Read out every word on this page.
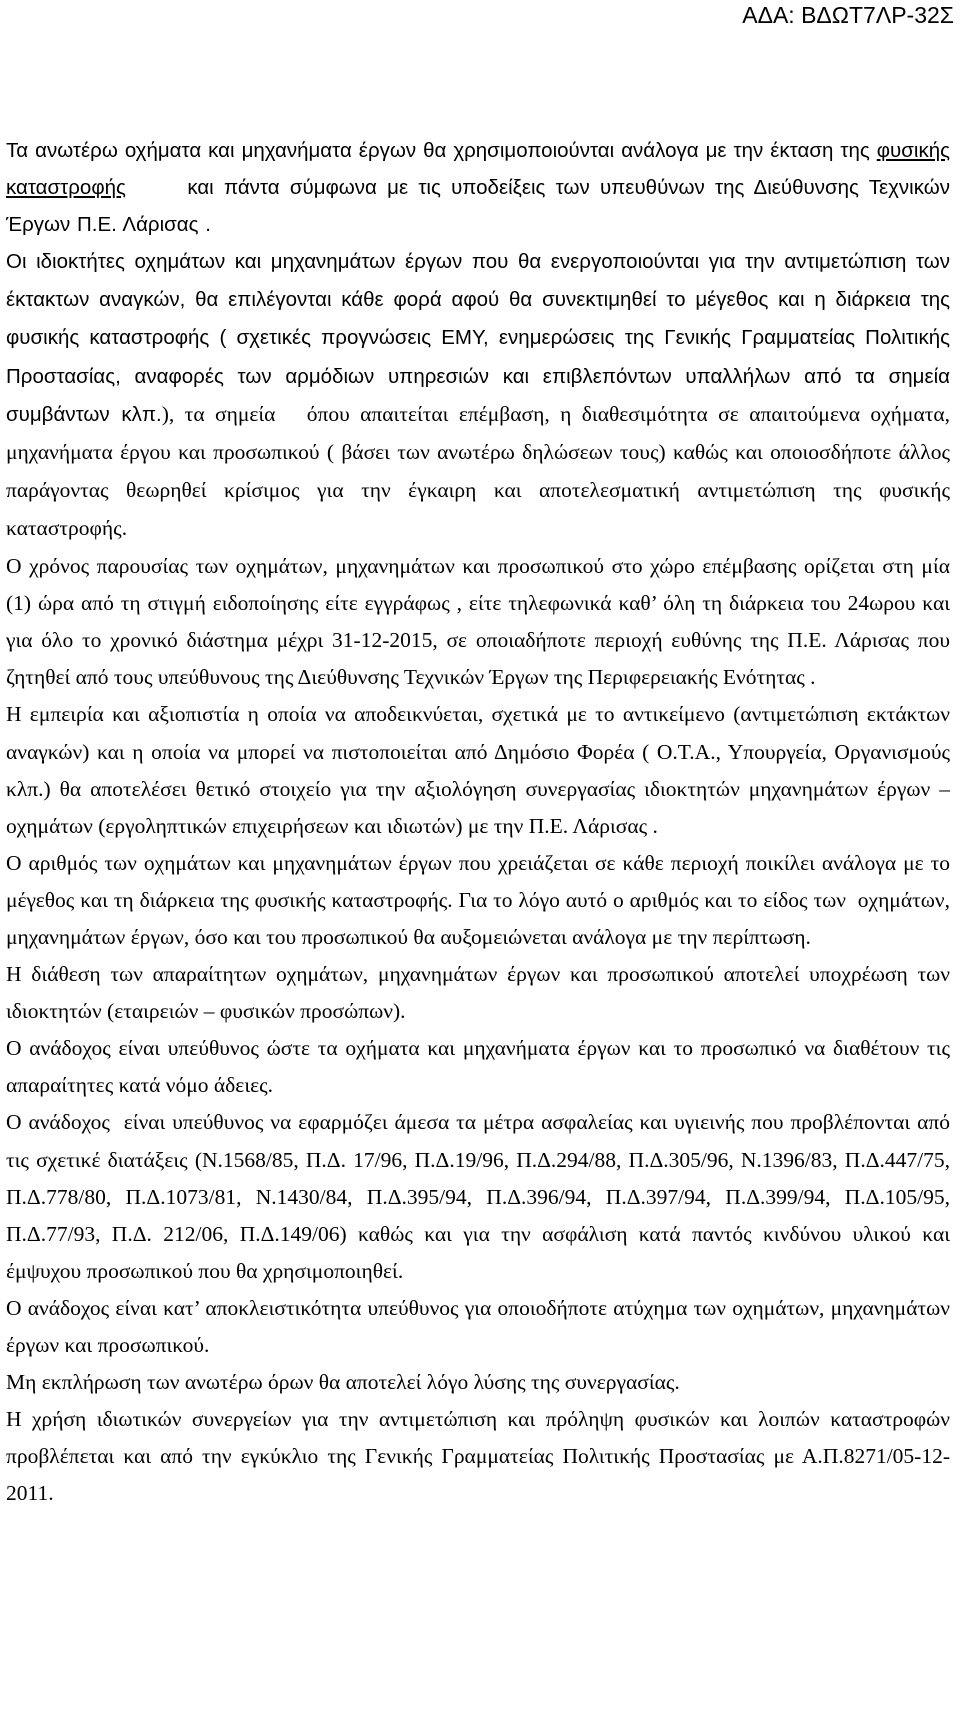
ΑΔΑ: ΒΔΩΤ7ΛΡ-32Σ

Τα ανωτέρω οχήματα και μηχανήματα έργων θα χρησιμοποιούνται ανάλογα με την έκταση της φυσικής καταστροφής      και πάντα σύμφωνα με τις υποδείξεις των υπευθύνων της Διεύθυνσης Τεχνικών Έργων Π.Ε. Λάρισας .

Οι ιδιοκτήτες οχημάτων και μηχανημάτων έργων που θα ενεργοποιούνται για την αντιμετώπιση των έκτακτων αναγκών, θα επιλέγονται κάθε φορά αφού θα συνεκτιμηθεί το μέγεθος και η διάρκεια της φυσικής καταστροφής ( σχετικές προγνώσεις ΕΜΥ, ενημερώσεις της Γενικής Γραμματείας Πολιτικής Προστασίας, αναφορές των αρμόδιων υπηρεσιών και επιβλεπόντων υπαλλήλων από τα σημεία συμβάντων κλπ.), τα σημεία   όπου απαιτείται επέμβαση, η διαθεσιμότητα σε απαιτούμενα οχήματα, μηχανήματα έργου και προσωπικού ( βάσει των ανωτέρω δηλώσεων τους) καθώς και οποιοσδήποτε άλλος παράγοντας θεωρηθεί κρίσιμος για την έγκαιρη και αποτελεσματική αντιμετώπιση της φυσικής καταστροφής.

Ο χρόνος παρουσίας των οχημάτων, μηχανημάτων και προσωπικού στο χώρο επέμβασης ορίζεται στη μία (1) ώρα από τη στιγμή ειδοποίησης είτε εγγράφως , είτε τηλεφωνικά καθ’ όλη τη διάρκεια του 24ωρου και για όλο το χρονικό διάστημα μέχρι 31-12-2015, σε οποιαδήποτε περιοχή ευθύνης της Π.Ε. Λάρισας που ζητηθεί από τους υπεύθυνους της Διεύθυνσης Τεχνικών Έργων της Περιφερειακής Ενότητας .

Η εμπειρία και αξιοπιστία η οποία να αποδεικνύεται, σχετικά με το αντικείμενο (αντιμετώπιση εκτάκτων αναγκών) και η οποία να μπορεί να πιστοποιείται από Δημόσιο Φορέα ( Ο.Τ.Α., Υπουργεία, Οργανισμούς κλπ.) θα αποτελέσει θετικό στοιχείο για την αξιολόγηση συνεργασίας ιδιοκτητών μηχανημάτων έργων – οχημάτων (εργοληπτικών επιχειρήσεων και ιδιωτών) με την Π.Ε. Λάρισας .

Ο αριθμός των οχημάτων και μηχανημάτων έργων που χρειάζεται σε κάθε περιοχή ποικίλει ανάλογα με το μέγεθος και τη διάρκεια της φυσικής καταστροφής. Για το λόγο αυτό ο αριθμός και το είδος των  οχημάτων, μηχανημάτων έργων, όσο και του προσωπικού θα αυξομειώνεται ανάλογα με την περίπτωση.

Η διάθεση των απαραίτητων οχημάτων, μηχανημάτων έργων και προσωπικού αποτελεί υποχρέωση των ιδιοκτητών (εταιρειών – φυσικών προσώπων).

Ο ανάδοχος είναι υπεύθυνος ώστε τα οχήματα και μηχανήματα έργων και το προσωπικό να διαθέτουν τις απαραίτητες κατά νόμο άδειες.

Ο ανάδοχος  είναι υπεύθυνος να εφαρμόζει άμεσα τα μέτρα ασφαλείας και υγιεινής που προβλέπονται από τις σχετικέ διατάξεις (Ν.1568/85, Π.Δ. 17/96, Π.Δ.19/96, Π.Δ.294/88, Π.Δ.305/96, Ν.1396/83, Π.Δ.447/75, Π.Δ.778/80, Π.Δ.1073/81, Ν.1430/84, Π.Δ.395/94, Π.Δ.396/94, Π.Δ.397/94, Π.Δ.399/94, Π.Δ.105/95, Π.Δ.77/93, Π.Δ. 212/06, Π.Δ.149/06) καθώς και για την ασφάλιση κατά παντός κινδύνου υλικού και έμψυχου προσωπικού που θα χρησιμοποιηθεί.

Ο ανάδοχος είναι κατ’ αποκλειστικότητα υπεύθυνος για οποιοδήποτε ατύχημα των οχημάτων, μηχανημάτων έργων και προσωπικού.

Μη εκπλήρωση των ανωτέρω όρων θα αποτελεί λόγο λύσης της συνεργασίας.

Η χρήση ιδιωτικών συνεργείων για την αντιμετώπιση και πρόληψη φυσικών και λοιπών καταστροφών προβλέπεται και από την εγκύκλιο της Γενικής Γραμματείας Πολιτικής Προστασίας με Α.Π.8271/05-12-2011.
